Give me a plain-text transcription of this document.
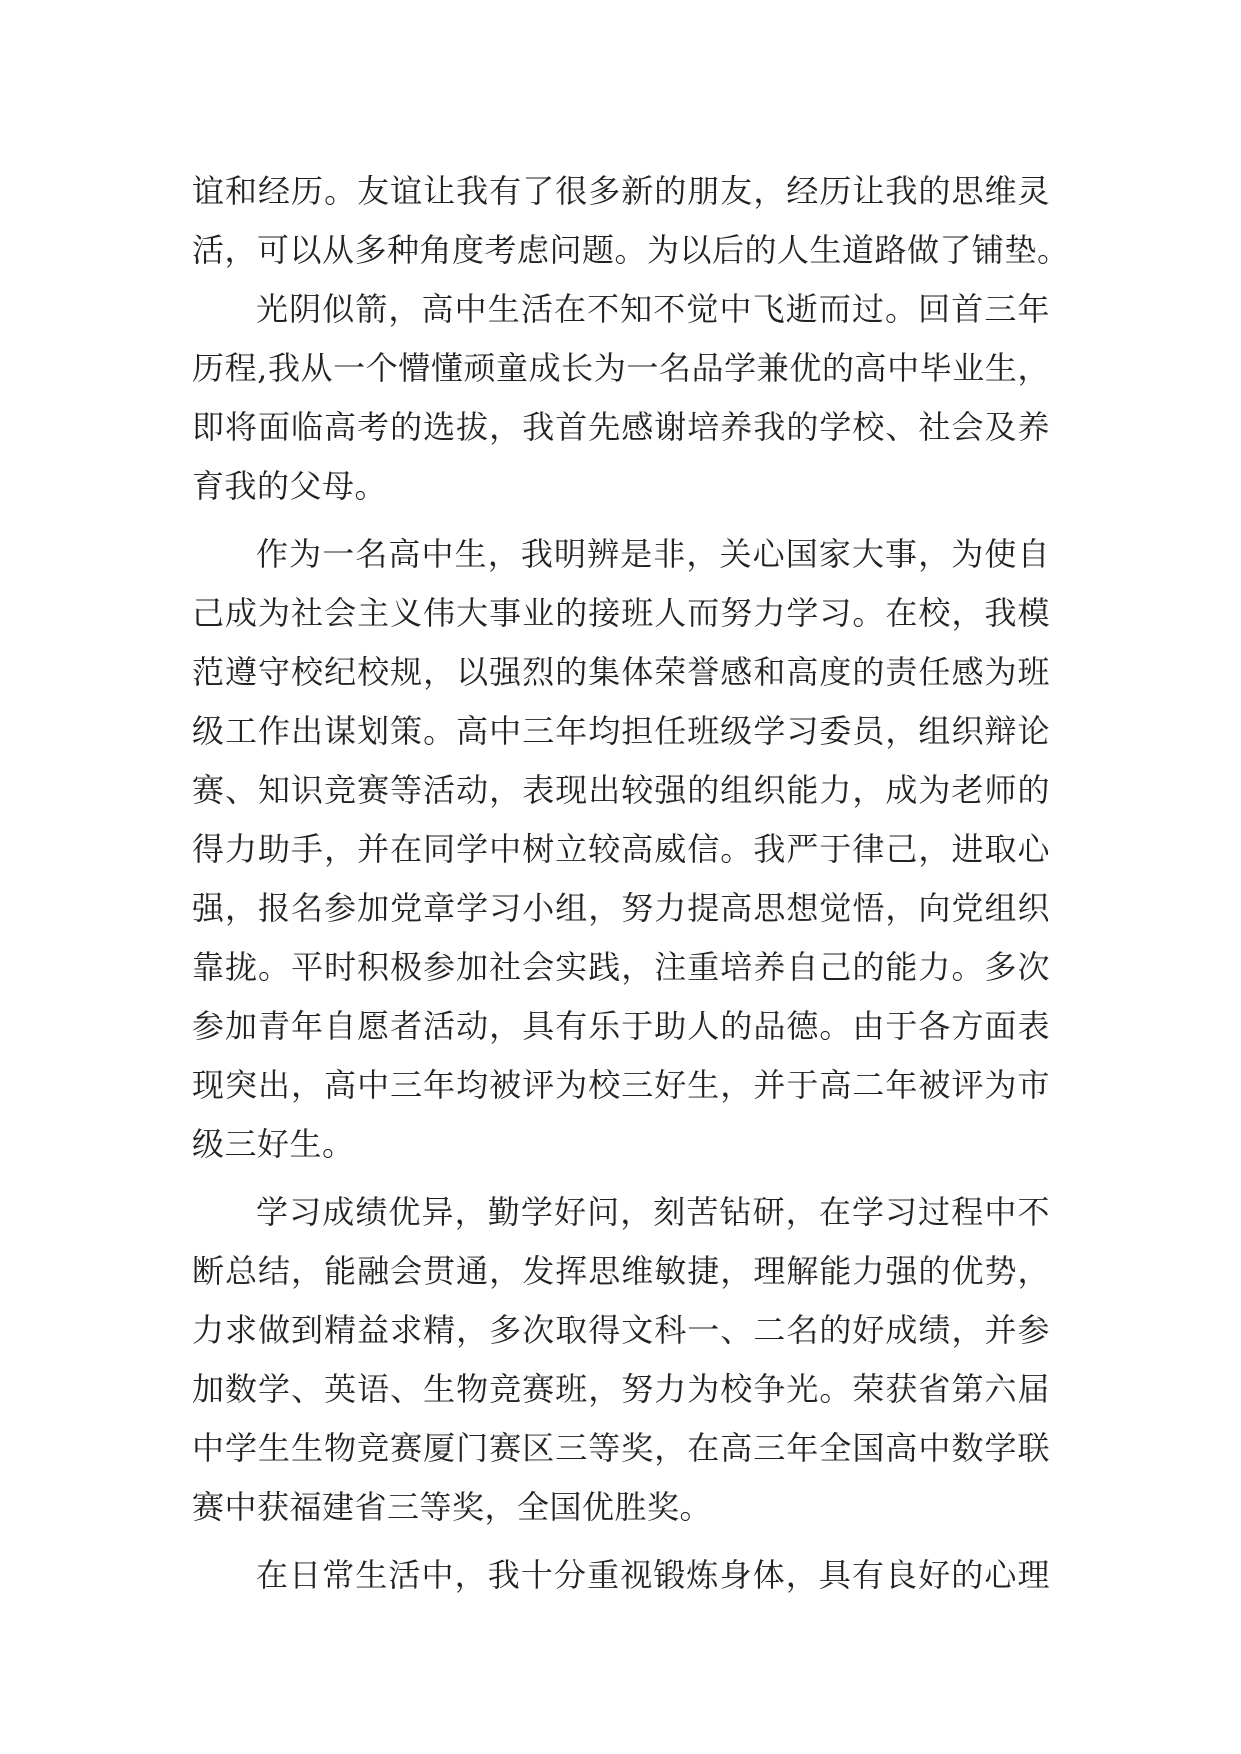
谊和经历。友谊让我有了很多新的朋友，经历让我的思维灵
活，可以从多种角度考虑问题。为以后的人生道路做了铺垫。
光阴似箭，高中生活在不知不觉中飞逝而过。回首三年
历程,我从一个懵懂顽童成长为一名品学兼优的高中毕业生，
即将面临高考的选拔，我首先感谢培养我的学校、社会及养
育我的父母。
作为一名高中生，我明辨是非，关心国家大事，为使自
己成为社会主义伟大事业的接班人而努力学习。在校，我模
范遵守校纪校规，以强烈的集体荣誉感和高度的责任感为班
级工作出谋划策。高中三年均担任班级学习委员，组织辩论
赛、知识竞赛等活动，表现出较强的组织能力，成为老师的
得力助手，并在同学中树立较高威信。我严于律己，进取心
强，报名参加党章学习小组，努力提高思想觉悟，向党组织
靠拢。平时积极参加社会实践，注重培养自己的能力。多次
参加青年自愿者活动，具有乐于助人的品德。由于各方面表
现突出，高中三年均被评为校三好生，并于高二年被评为市
级三好生。
学习成绩优异，勤学好问，刻苦钻研，在学习过程中不
断总结，能融会贯通，发挥思维敏捷，理解能力强的优势，
力求做到精益求精，多次取得文科一、二名的好成绩，并参
加数学、英语、生物竞赛班，努力为校争光。荣获省第六届
中学生生物竞赛厦门赛区三等奖，在高三年全国高中数学联
赛中获福建省三等奖，全国优胜奖。
在日常生活中，我十分重视锻炼身体，具有良好的心理
